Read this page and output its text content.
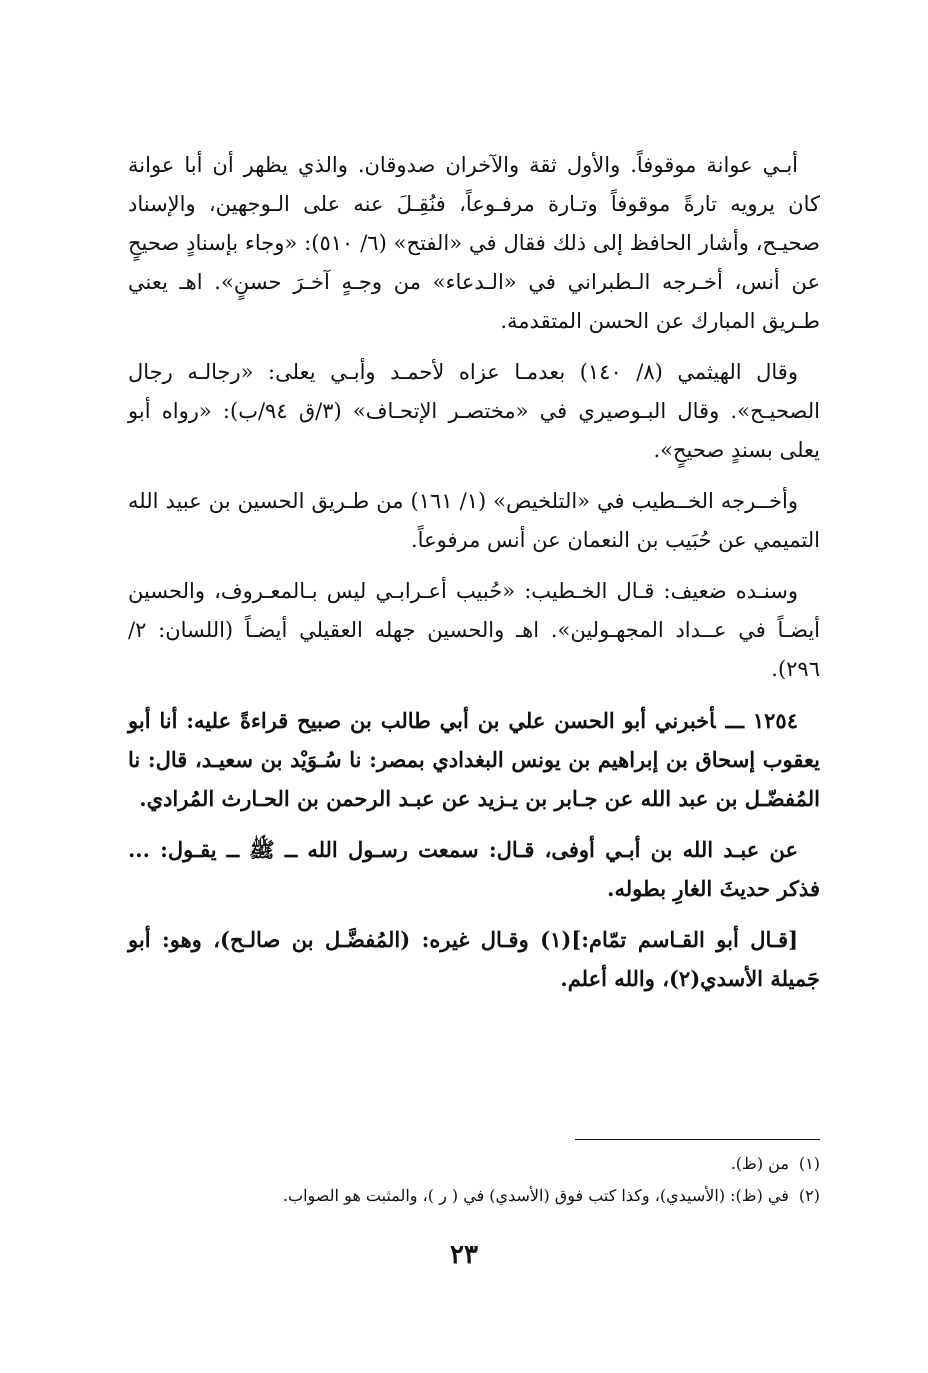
أبـي عوانة موقوفاً. والأول ثقة والآخران صدوقان. والذي يظهر أن أبا عوانة كان يرويه تارةً موقوفاً وتـارة مرفـوعاً، فنُقِـلَ عنه على الـوجهين، والإسناد صحيـح، وأشار الحافظ إلى ذلك فقال في «الفتح» (٦/ ٥١٠): «وجاء بإسنادٍ صحيحٍ عن أنس، أخـرجه الـطبراني في «الـدعاء» من وجـهٍ آخـرَ حسنٍ». اهـ يعني طـريق المبارك عن الحسن المتقدمة.

وقال الهيثمي (٨/ ١٤٠) بعدمـا عزاه لأحمـد وأبـي يعلى: «رجالـه رجال الصحيـح». وقال البـوصيري في «مختصـر الإتحـاف» (٣/ق ٩٤/ب): «رواه أبو يعلى بسندٍ صحيحٍ».

وأخــرجه الخــطيب في «التلخيص» (١/ ١٦١) من طـريق الحسين بن عبيد الله التميمي عن حُبَيب بن النعمان عن أنس مرفوعاً.

وسنـده ضعيف: قـال الخـطيب: «حُبيب أعـرابـي ليس بـالمعـروف، والحسين أيضـاً في عــداد المجهـولين». اهـ والحسين جهله العقيلي أيضـاً (اللسان: ٢/ ٢٩٦).

١٢٥٤ ـــأخبرني أبو الحسن علي بن أبي طالب بن صبيح قراءةً عليه: أنا أبو يعقوب إسحاق بن إبراهيم بن يونس البغدادي بمصر: نا سُـوَيْد بن سعيـد، قال: نا المُفضّـل بن عبد الله عن جـابر بن يـزيد عن عبـد الرحمن بن الحـارث المُرادي.

عن عبـد الله بن أبـي أوفى، قـال: سمعت رسـول الله ــ ﷺ ــ يقـول: ... فذكر حديثَ الغارِ بطوله.

[قـال أبو القـاسم تمّام:](١) وقـال غيره: (المُفضَّـل بن صالـح)، وهو: أبو جَميلة الأسدي(٢)، والله أعلم.

(١)من (ظ).

(٢)في (ظ): (الأسيدي)، وكذا كتب فوق (الأسدي) في ( ر )، والمثبت هو الصواب.

٢٣
